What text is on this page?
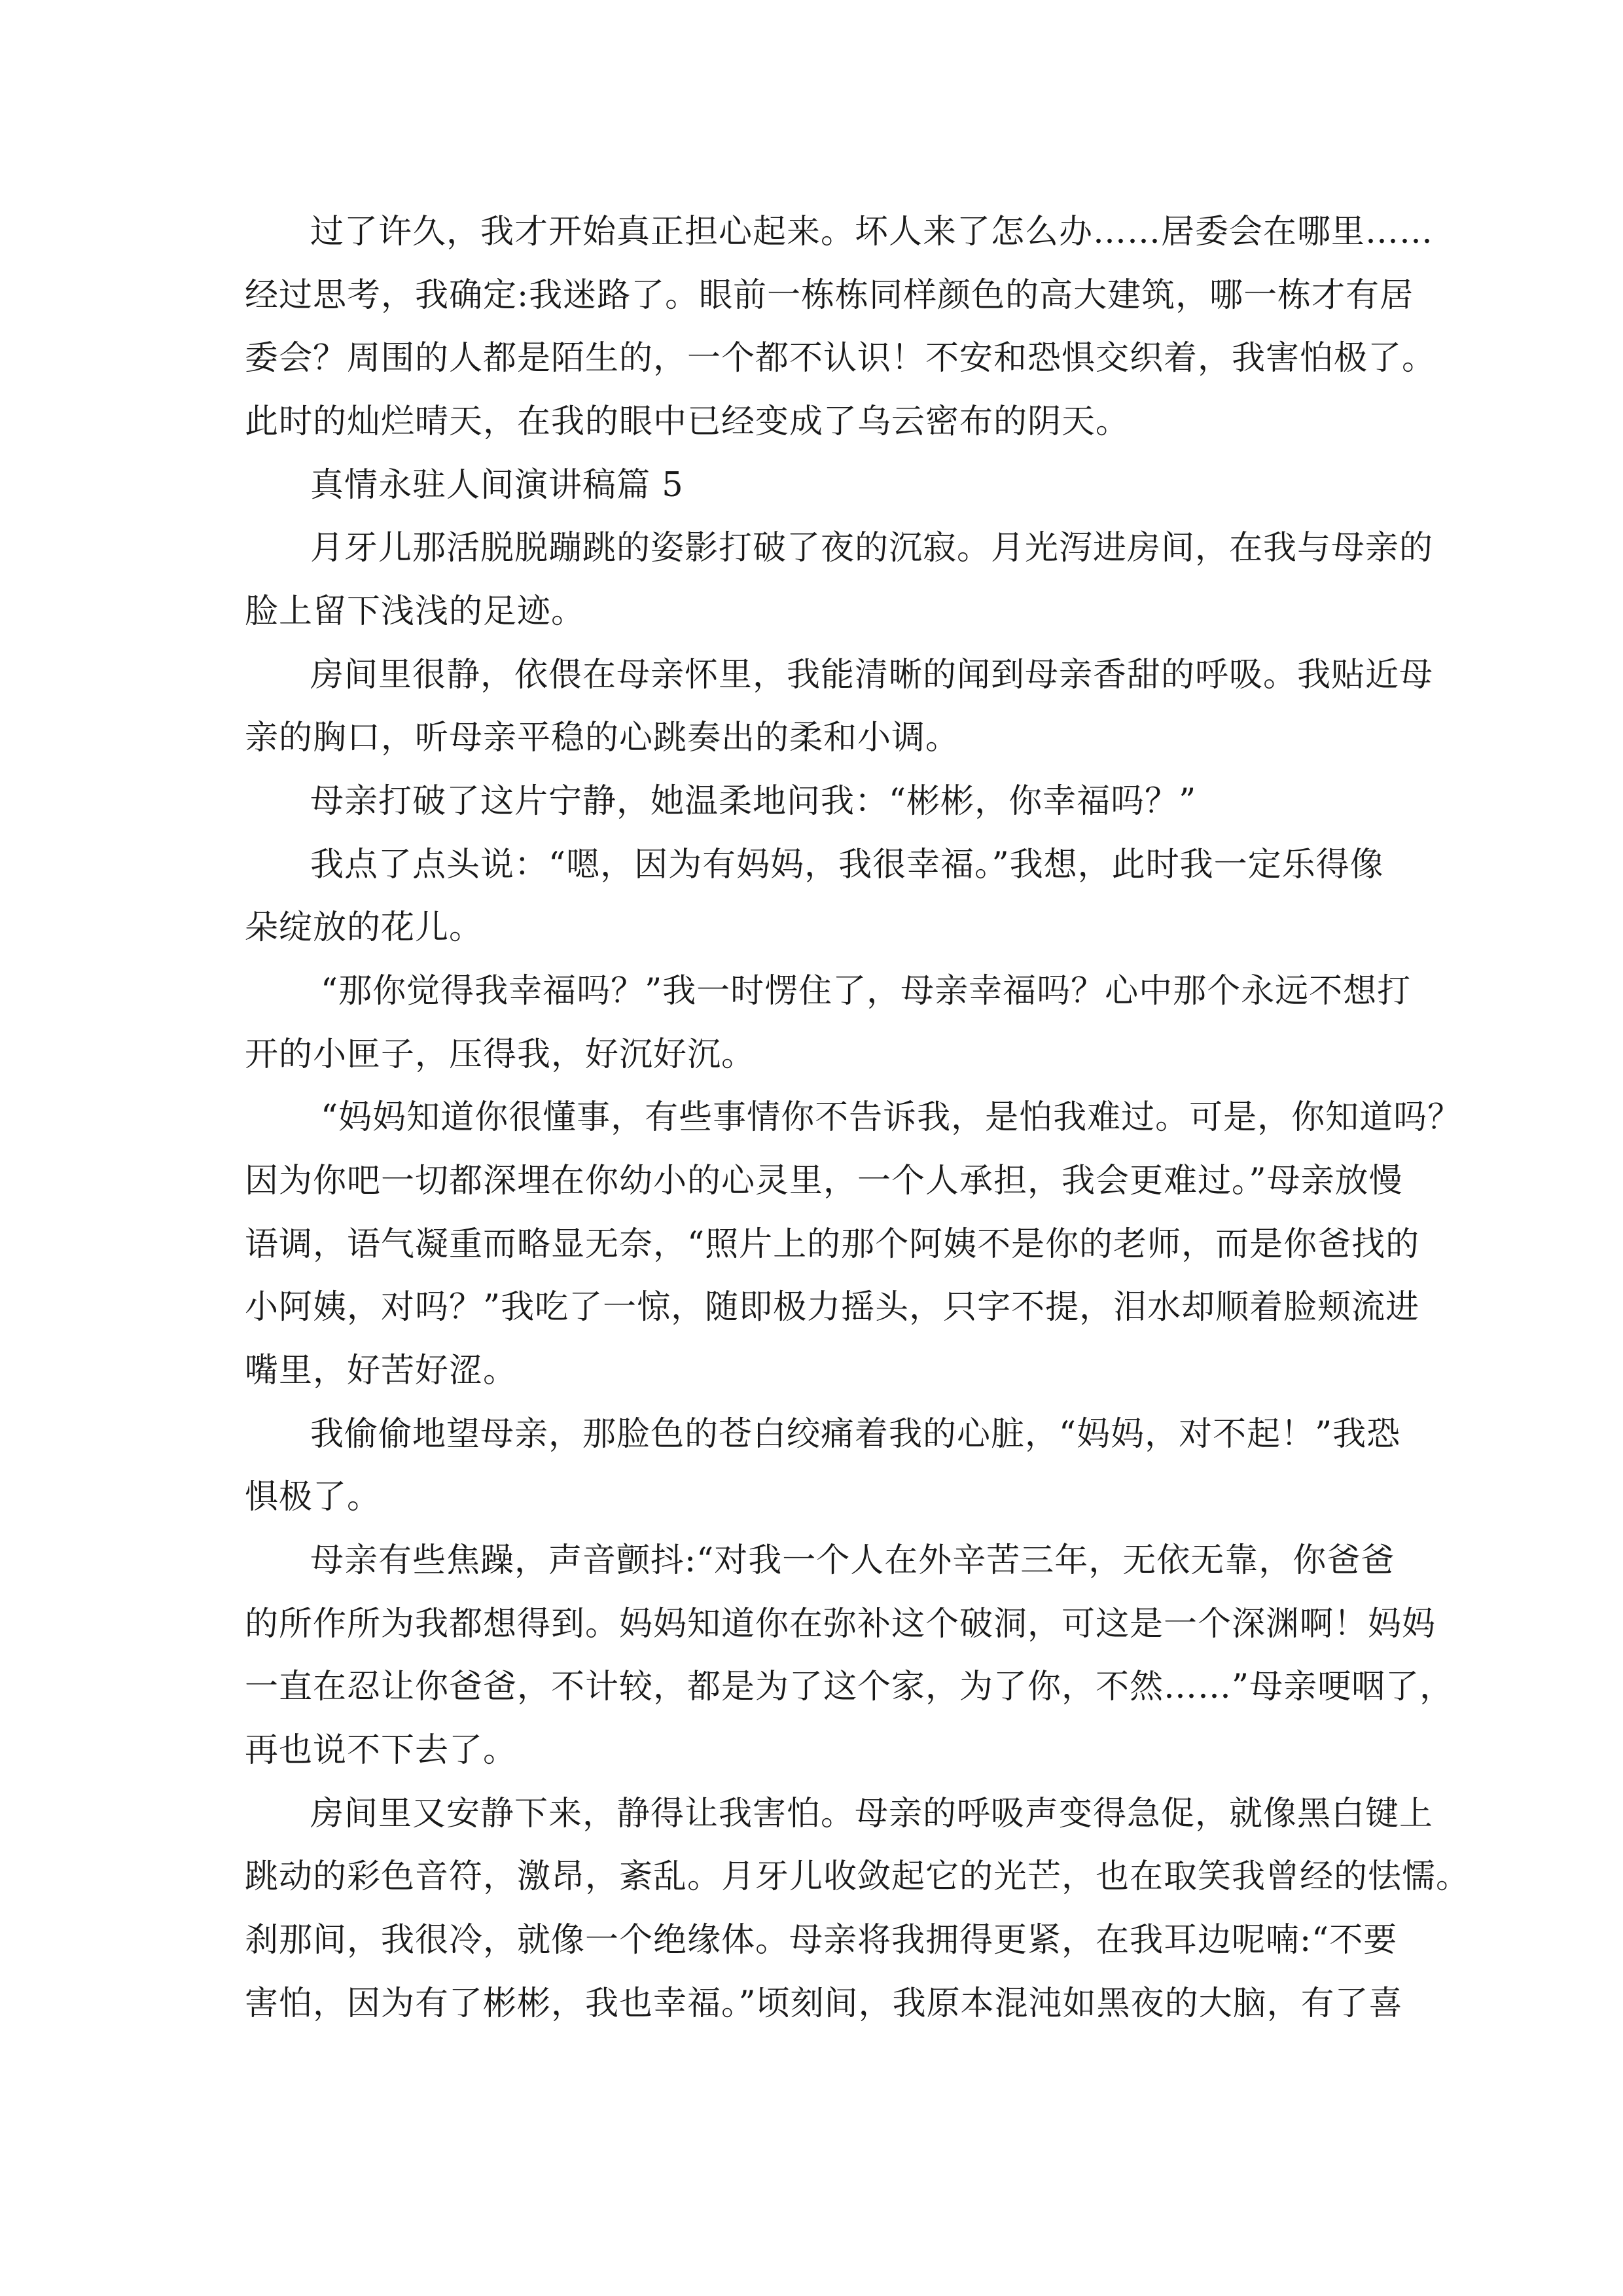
过了许久，我才开始真正担心起来。坏人来了怎么办……居委会在哪里……
经过思考，我确定:我迷路了。眼前一栋栋同样颜色的高大建筑，哪一栋才有居
委会？周围的人都是陌生的，一个都不认识！不安和恐惧交织着，我害怕极了。
此时的灿烂晴天，在我的眼中已经变成了乌云密布的阴天。
真情永驻人间演讲稿篇 5
月牙儿那活脱脱蹦跳的姿影打破了夜的沉寂。月光泻进房间，在我与母亲的
脸上留下浅浅的足迹。
房间里很静，依偎在母亲怀里，我能清晰的闻到母亲香甜的呼吸。我贴近母
亲的胸口，听母亲平稳的心跳奏出的柔和小调。
母亲打破了这片宁静，她温柔地问我：“彬彬，你幸福吗？”
我点了点头说：“嗯，因为有妈妈，我很幸福。”我想，此时我一定乐得像
朵绽放的花儿。
“那你觉得我幸福吗？”我一时愣住了，母亲幸福吗？心中那个永远不想打
开的小匣子，压得我，好沉好沉。
“妈妈知道你很懂事，有些事情你不告诉我，是怕我难过。可是，你知道吗？
因为你吧一切都深埋在你幼小的心灵里，一个人承担，我会更难过。”母亲放慢
语调，语气凝重而略显无奈，“照片上的那个阿姨不是你的老师，而是你爸找的
小阿姨，对吗？”我吃了一惊，随即极力摇头，只字不提，泪水却顺着脸颊流进
嘴里，好苦好涩。
我偷偷地望母亲，那脸色的苍白绞痛着我的心脏，“妈妈，对不起！”我恐
惧极了。
母亲有些焦躁，声音颤抖:“对我一个人在外辛苦三年，无依无靠，你爸爸
的所作所为我都想得到。妈妈知道你在弥补这个破洞，可这是一个深渊啊！妈妈
一直在忍让你爸爸，不计较，都是为了这个家，为了你，不然……”母亲哽咽了，
再也说不下去了。
房间里又安静下来，静得让我害怕。母亲的呼吸声变得急促，就像黑白键上
跳动的彩色音符，激昂，紊乱。月牙儿收敛起它的光芒，也在取笑我曾经的怯懦。
刹那间，我很冷，就像一个绝缘体。母亲将我拥得更紧，在我耳边呢喃:“不要
害怕，因为有了彬彬，我也幸福。”顷刻间，我原本混沌如黑夜的大脑，有了喜
